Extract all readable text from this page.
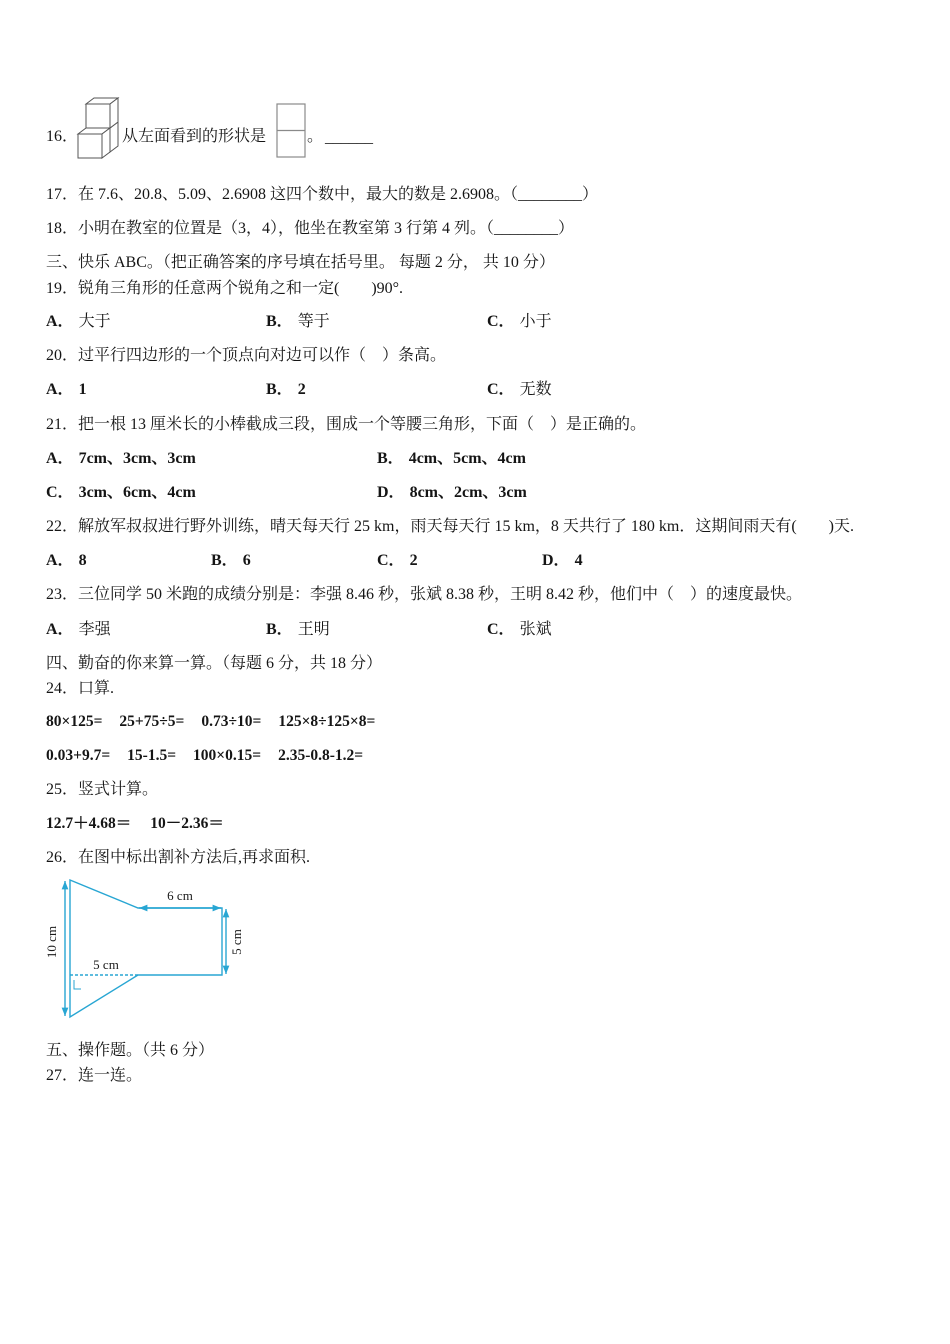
16．	从左面看到的形状是	。 ______
17．在 7.6、20.8、5.09、2.6908 这四个数中，最大的数是 2.6908。（________）
18．小明在教室的位置是（3，4），他坐在教室第 3 行第 4 列。（________）
三、快乐 ABC。（把正确答案的序号填在括号里。 每题 2 分， 共 10 分）
19．锐角三角形的任意两个锐角之和一定(        )90°.
A． 大于	B． 等于	C． 小于
20．过平行四边形的一个顶点向对边可以作（    ）条高。
A． 1	B． 2	C． 无数
21．把一根 13 厘米长的小棒截成三段，围成一个等腰三角形，下面（    ）是正确的。
A． 7cm、3cm、3cm	B． 4cm、5cm、4cm
C． 3cm、6cm、4cm	D． 8cm、2cm、3cm
22．解放军叔叔进行野外训练，晴天每天行 25 km，雨天每天行 15 km，8 天共行了 180 km．这期间雨天有(        )天.
A． 8	B． 6	C． 2	D． 4
23．三位同学 50 米跑的成绩分别是：李强 8.46 秒，张斌 8.38 秒，王明 8.42 秒，他们中（    ）的速度最快。
A． 李强	B． 王明	C． 张斌
四、勤奋的你来算一算。（每题 6 分，共 18 分）
24．口算.
80×125= 25+75÷5= 0.73÷10= 125×8÷125×8=
0.03+9.7= 15-1.5= 100×0.15= 2.35-0.8-1.2=
25．竖式计算。
12.7＋4.68＝ 10－2.36＝
26．在图中标出割补方法后,再求面积.
10 cm
6 cm
5 cm
5 cm
五、操作题。（共 6 分）
27．连一连。
